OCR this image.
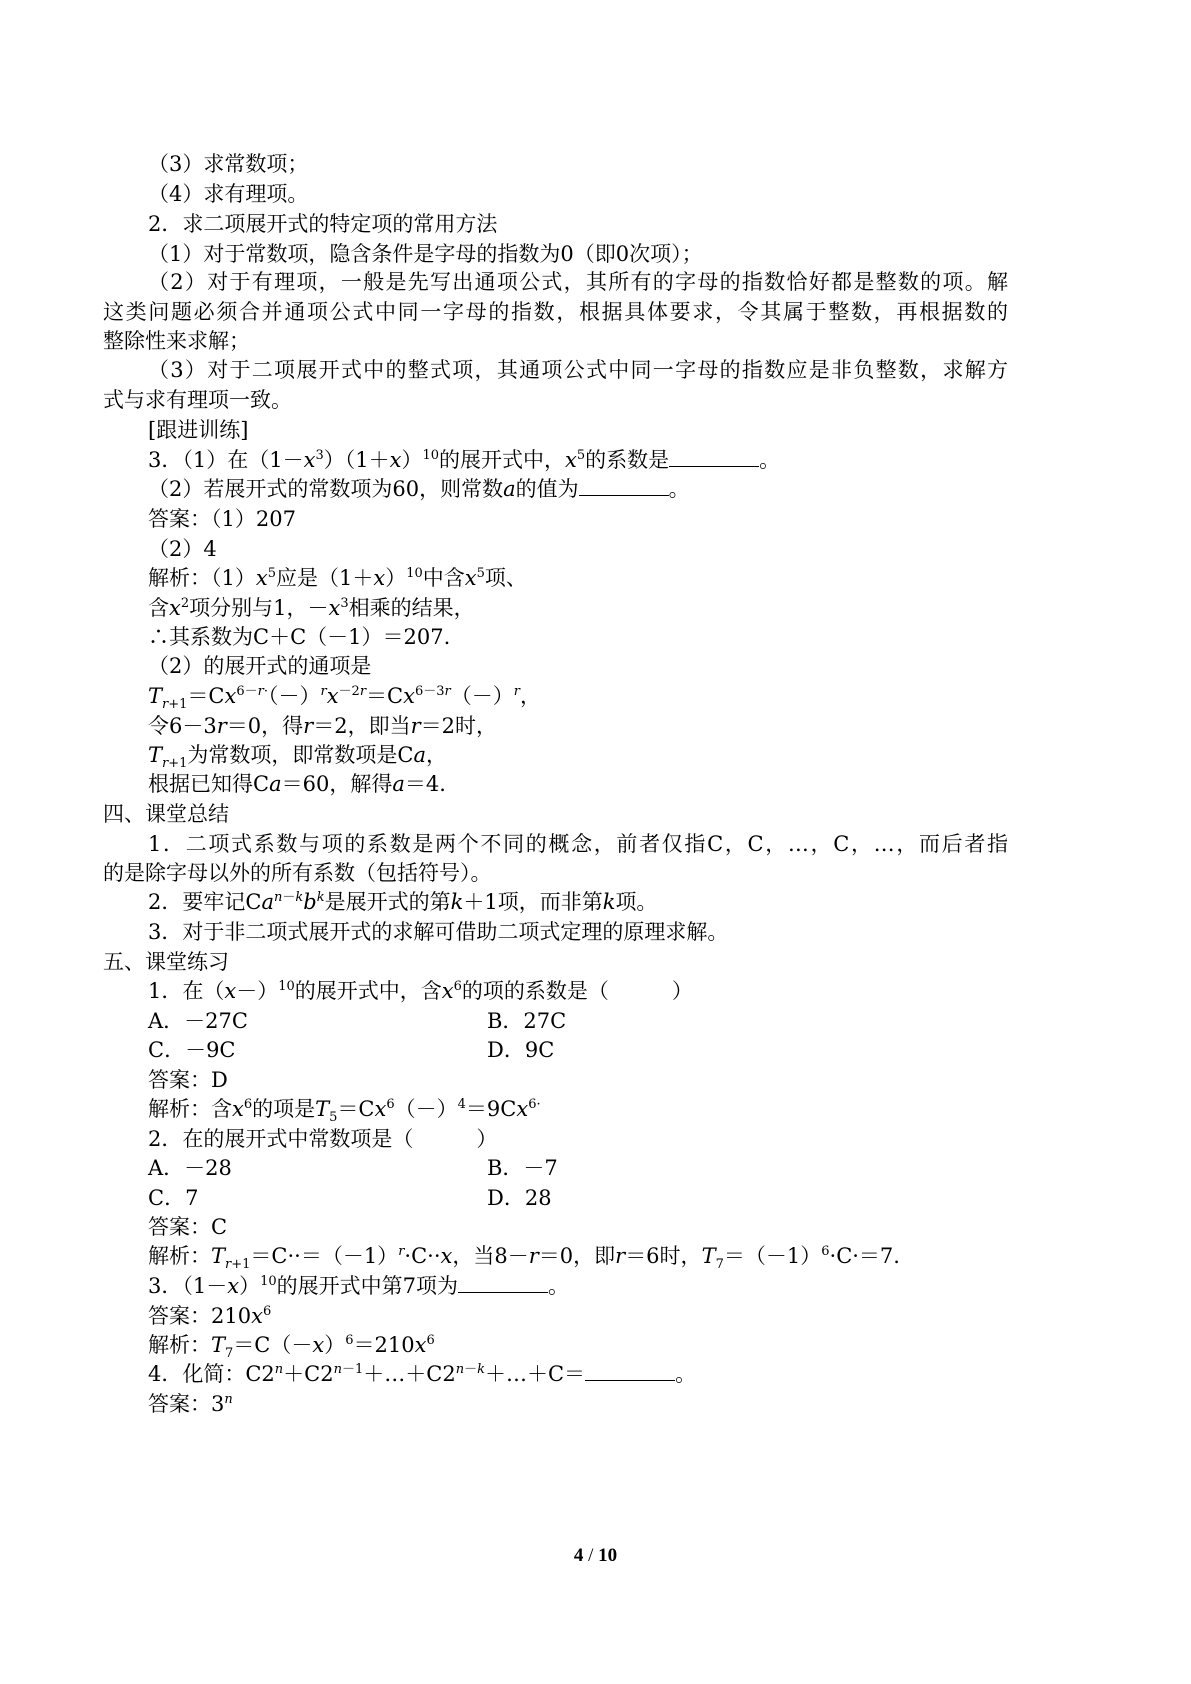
（3）求常数项；
（4）求有理项。
2．求二项展开式的特定项的常用方法
（1）对于常数项，隐含条件是字母的指数为0（即0次项）；
（2）对于有理项，一般是先写出通项公式，其所有的字母的指数恰好都是整数的项。解
这类问题必须合并通项公式中同一字母的指数，根据具体要求，令其属于整数，再根据数的
整除性来求解；
（3）对于二项展开式中的整式项，其通项公式中同一字母的指数应是非负整数，求解方
式与求有理项一致。
[跟进训练]
3．（1）在$(1-x^3)(1+x)^{10}$的展开式中，$x^5$的系数是	。
（2）若展开式的常数项为60，则常数a的值为	。
答案：（1）207
（2）4
解析：$(1)x^5$应是$(1+x)^{10}$中含$x^5$项、
含$x^2$项分别与1，$-x^3$相乘的结果，
∴其系数为C＋C（－1）＝207.
（2）的展开式的通项是
$T_{r+1}=Cx^{6-r\cdot}(-)^rx^{-2r}=Cx^{6-3r}(-)^r$，
令6－3r＝0，得r＝2，即当r＝2时，
$T_{r+1}$为常数项，即常数项是Ca，
根据已知得Ca＝60，解得a＝4.
四、课堂总结
1．二项式系数与项的系数是两个不同的概念，前者仅指C，C，…，C，…，而后者指
的是除字母以外的所有系数（包括符号）。
2．要牢记$Ca^{n-k}b^k$是展开式的第k＋1项，而非第k项。
3．对于非二项式展开式的求解可借助二项式定理的原理求解。
五、课堂练习
1．在$(x-)^{10}$的展开式中，含$x^6$的项的系数是（　　　）
A．－27C	B．27C
C．－9C	D．9C
答案：D
解析：含$x^6$的项是$T_5=Cx^6(-)^4=9Cx^{6\cdot}$
2．在的展开式中常数项是（　　　）
A．－28	B．－7
C．7	D．28
答案：C
解析：$T_{r+1}=C\cdot\cdot=(-1)^r\cdot C\cdot\cdot x$，当8－r＝0，即r＝6时，$T_7=(-1)^6\cdot C\cdot=7$.
3．$(1-x)^{10}$的展开式中第7项为	。
答案：$210x^6$
解析：$T_7=C(-x)^6=210x^6$
4．化简：$C2^n+C2^{n-1}+\dots+C2^{n-k}+\dots+C=$	。
答案：3$^n$
4 / 10
